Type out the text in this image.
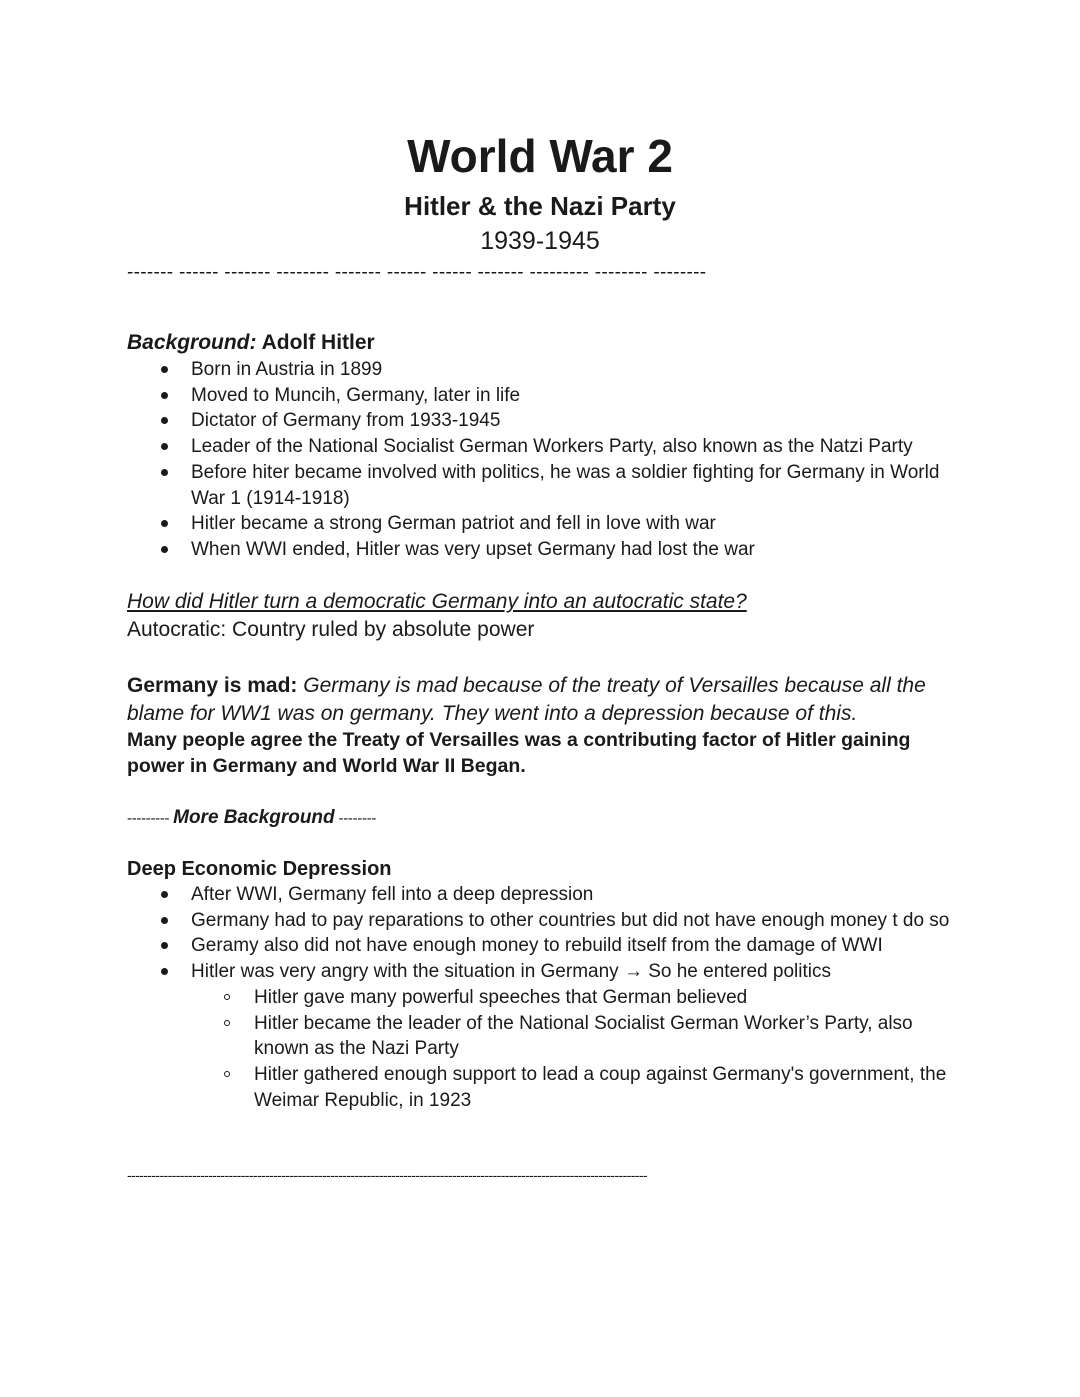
World War 2
Hitler & the Nazi Party
1939-1945
------- ------ ------- -------- ------- ------ ------ ------- --------- -------- --------
Background: Adolf Hitler
Born in Austria in 1899
Moved to Muncih, Germany, later in life
Dictator of Germany from 1933-1945
Leader of the National Socialist German Workers Party, also known as the Natzi Party
Before hiter became involved with politics, he was a soldier fighting for Germany in World War 1 (1914-1918)
Hitler became a strong German patriot and fell in love with war
When WWI ended, Hitler was very upset Germany had lost the war
How did Hitler turn a democratic Germany into an autocratic state?
Autocratic: Country ruled by absolute power
Germany is mad: Germany is mad because of the treaty of Versailles because all the blame for WW1 was on germany. They went into a depression because of this.
Many people agree the Treaty of Versailles was a contributing factor of Hitler gaining power in Germany and World War II Began.
--------- More Background --------
Deep Economic Depression
After WWI, Germany fell into a deep depression
Germany had to pay reparations to other countries but did not have enough money t do so
Geramy also did not have enough money to rebuild itself from the damage of WWI
Hitler was very angry with the situation in Germany → So he entered politics
Hitler gave many powerful speeches that German believed
Hitler became the leader of the National Socialist German Worker’s Party, also known as the Nazi Party
Hitler gathered enough support to lead a coup against Germany's government, the Weimar Republic, in 1923
--------------------------------------------------------------------------------------------------------------------------------
